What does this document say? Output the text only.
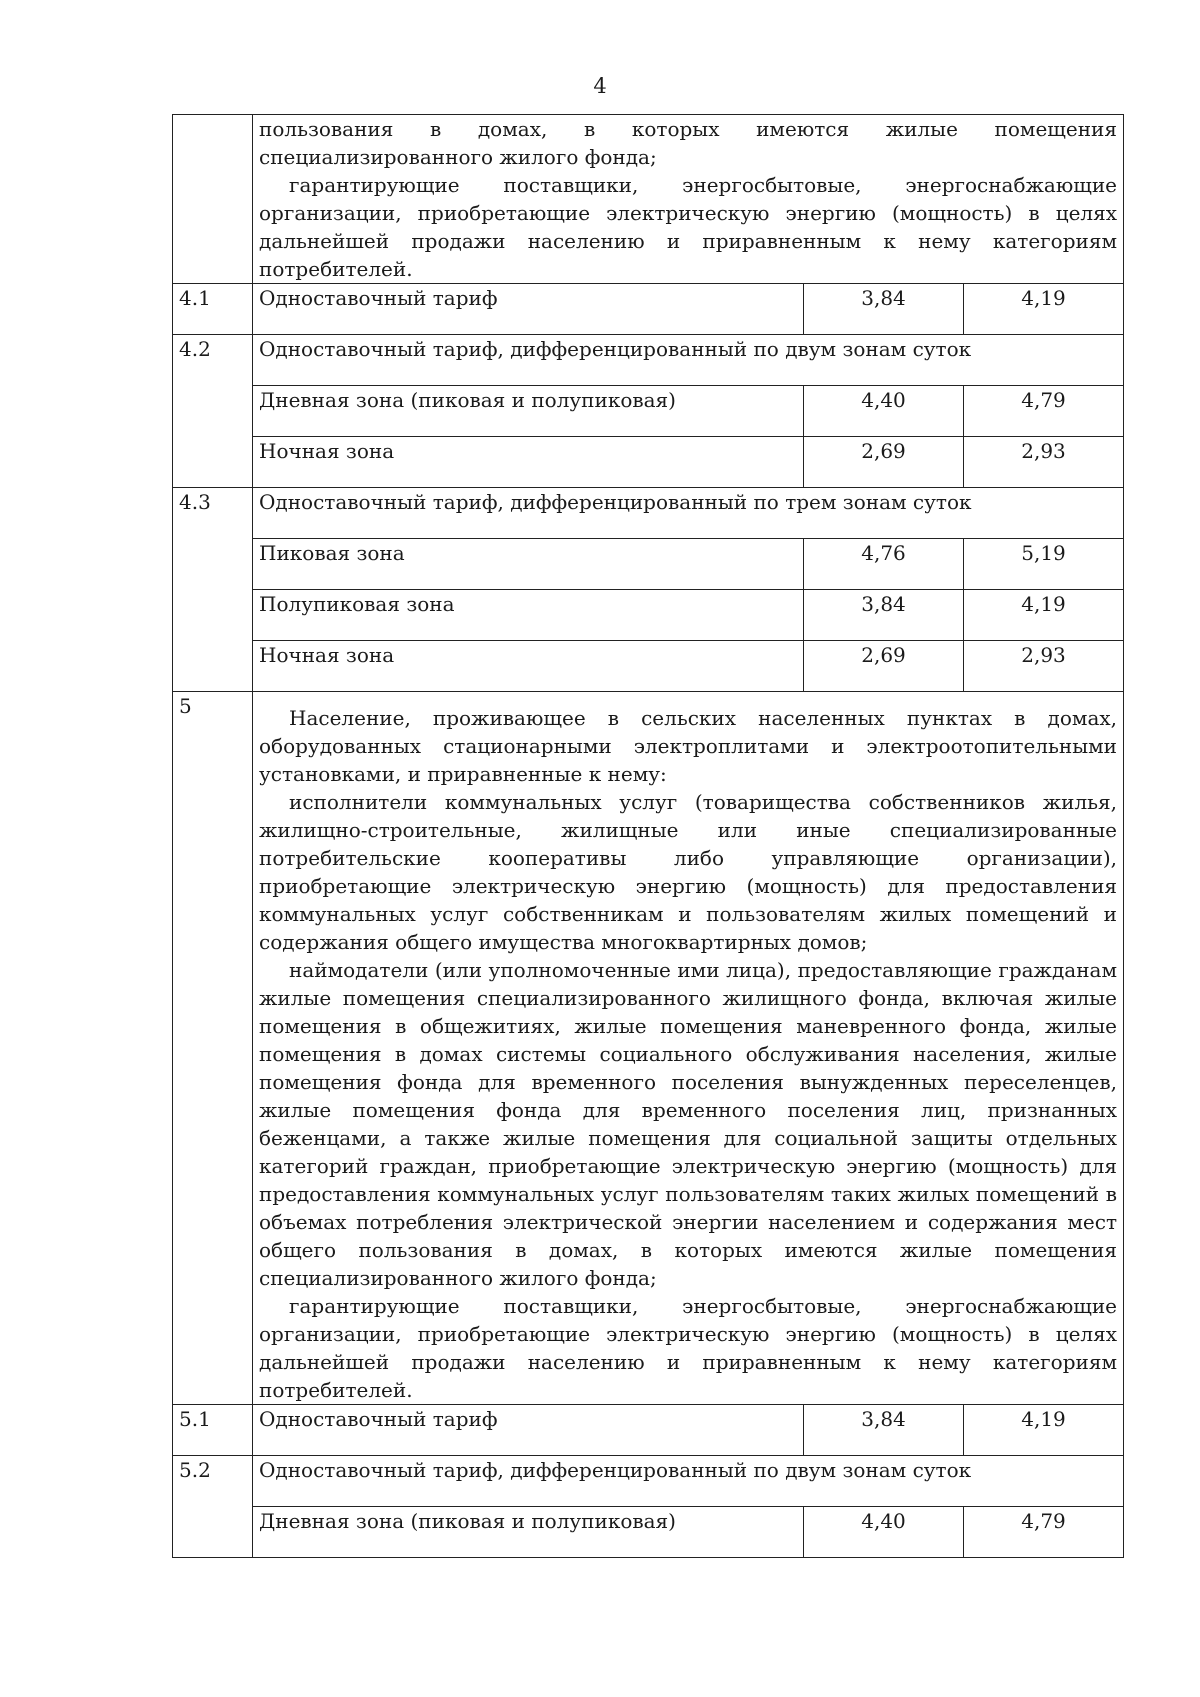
4

	пользования в домах, в которых имеются жилые помещения специализированного жилого фонда;

гарантирующие поставщики, энергосбытовые, энергоснабжающие организации, приобретающие электрическую энергию (мощность) в целях дальнейшей продажи населению и приравненным к нему категориям потребителей.		

4.1	Одноставочный тариф	3,84	4,19
4.2	Одноставочный тариф, дифференцированный по двум зонам суток		
	Дневная зона (пиковая и полупиковая)	4,40	4,79
	Ночная зона	2,69	2,93
4.3	Одноставочный тариф, дифференцированный по трем зонам суток		
	Пиковая зона	4,76	5,19
	Полупиковая зона	3,84	4,19
	Ночная зона	2,69	2,93
5	Население, проживающее в сельских населенных пунктах в домах, оборудованных стационарными электроплитами и электроотопительными установками, и приравненные к нему:

исполнители коммунальных услуг (товарищества собственников жилья, жилищно-строительные, жилищные или иные специализированные потребительские кооперативы либо управляющие организации), приобретающие электрическую энергию (мощность) для предоставления коммунальных услуг собственникам и пользователям жилых помещений и содержания общего имущества многоквартирных домов;

наймодатели (или уполномоченные ими лица), предоставляющие гражданам жилые помещения специализированного жилищного фонда, включая жилые помещения в общежитиях, жилые помещения маневренного фонда, жилые помещения в домах системы социального обслуживания населения, жилые помещения фонда для временного поселения вынужденных переселенцев, жилые помещения фонда для временного поселения лиц, признанных беженцами, а также жилые помещения для социальной защиты отдельных категорий граждан, приобретающие электрическую энергию (мощность) для предоставления коммунальных услуг пользователям таких жилых помещений в объемах потребления электрической энергии населением и содержания мест общего пользования в домах, в которых имеются жилые помещения специализированного жилого фонда;

гарантирующие поставщики, энергосбытовые, энергоснабжающие организации, приобретающие электрическую энергию (мощность) в целях дальнейшей продажи населению и приравненным к нему категориям потребителей.		

5.1	Одноставочный тариф	3,84	4,19
5.2	Одноставочный тариф, дифференцированный по двум зонам суток		
	Дневная зона (пиковая и полупиковая)	4,40	4,79
